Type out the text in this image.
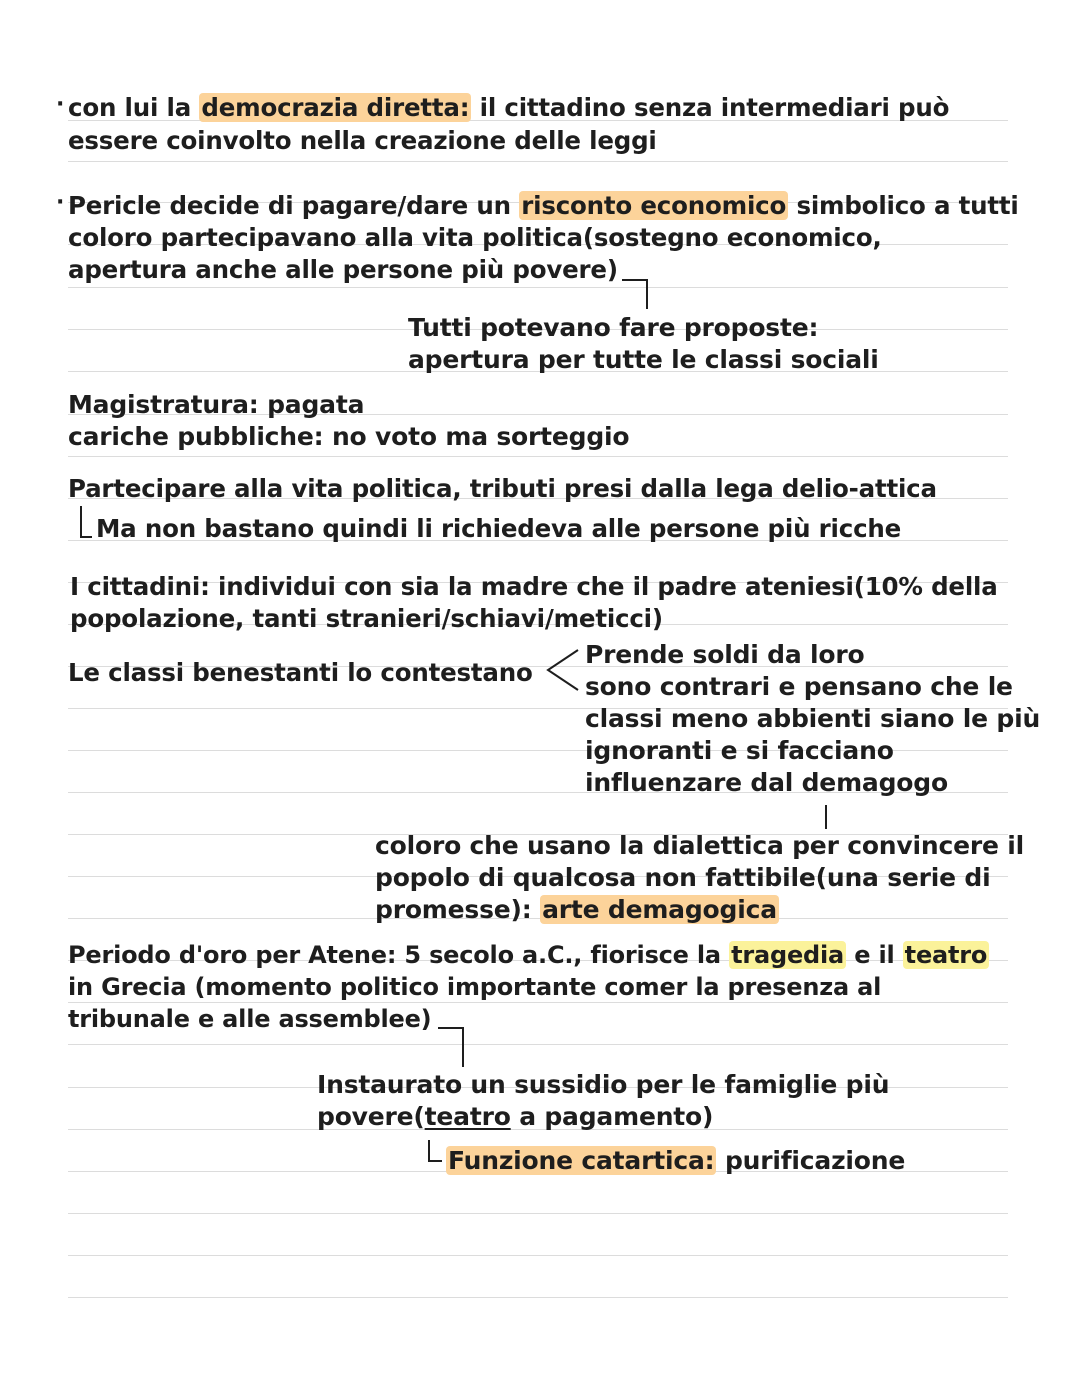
· con lui la democrazia diretta: il cittadino senza intermediari può
essere coinvolto nella creazione delle leggi
· Pericle decide di pagare/dare un risconto economico simbolico a tutti
coloro partecipavano alla vita politica(sostegno economico,
apertura anche alle persone più povere)
Tutti potevano fare proposte:
apertura per tutte le classi sociali
Magistratura: pagata
cariche pubbliche: no voto ma sorteggio
Partecipare alla vita politica, tributi presi dalla lega delio-attica
Ma non bastano quindi li richiedeva alle persone più ricche
I cittadini: individui con sia la madre che il padre ateniesi(10% della
popolazione, tanti stranieri/schiavi/meticci)
Le classi benestanti lo contestano
Prende soldi da loro
sono contrari e pensano che le
classi meno abbienti siano le più
ignoranti e si facciano
influenzare dal demagogo
coloro che usano la dialettica per convincere il
popolo di qualcosa non fattibile(una serie di
promesse): arte demagogica
Periodo d'oro per Atene: 5 secolo a.C., fiorisce la tragedia e il teatro
in Grecia (momento politico importante comer la presenza al
tribunale e alle assemblee)
Instaurato un sussidio per le famiglie più
povere(teatro a pagamento)
Funzione catartica: purificazione
